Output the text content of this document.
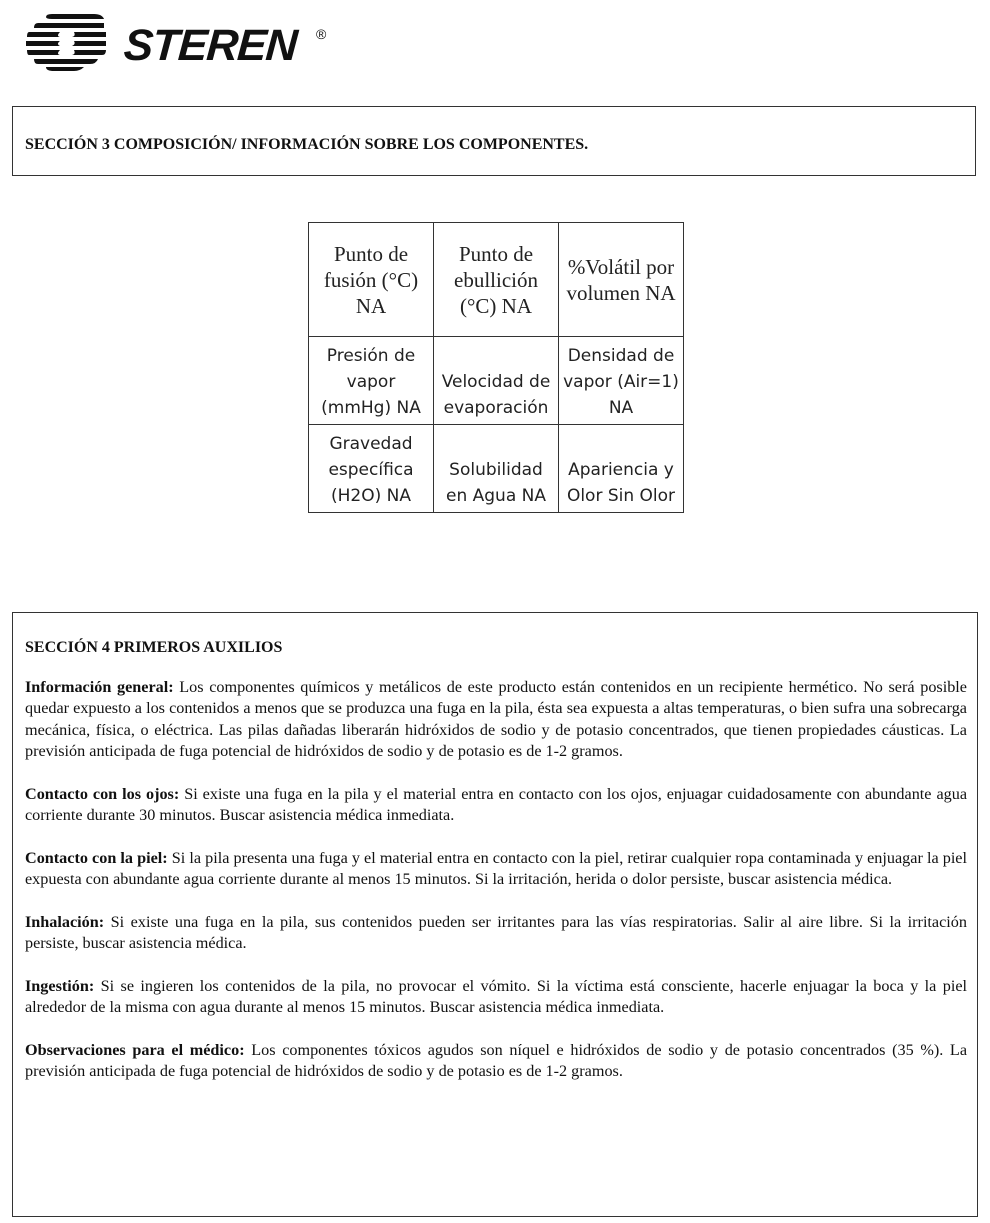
STEREN ®
SECCIÓN 3 COMPOSICIÓN/ INFORMACIÓN SOBRE LOS COMPONENTES.
Punto de fusión (°C) NA	Punto de ebullición (°C) NA	%Volátil por volumen NA
Presión de vapor (mmHg) NA	Velocidad de evaporación	Densidad de vapor (Air=1) NA
Gravedad específica (H2O) NA	Solubilidad en Agua NA	Apariencia y Olor Sin Olor
SECCIÓN 4 PRIMEROS AUXILIOS

Información general: Los componentes químicos y metálicos de este producto están contenidos en un recipiente hermético. No será posible quedar expuesto a los contenidos a menos que se produzca una fuga en la pila, ésta sea expuesta a altas temperaturas, o bien sufra una sobrecarga mecánica, física, o eléctrica. Las pilas dañadas liberarán hidróxidos de sodio y de potasio concentrados, que tienen propiedades cáusticas. La previsión anticipada de fuga potencial de hidróxidos de sodio y de potasio es de 1-2 gramos.

Contacto con los ojos: Si existe una fuga en la pila y el material entra en contacto con los ojos, enjuagar cuidadosamente con abundante agua corriente durante 30 minutos. Buscar asistencia médica inmediata.

Contacto con la piel: Si la pila presenta una fuga y el material entra en contacto con la piel, retirar cualquier ropa contaminada y enjuagar la piel expuesta con abundante agua corriente durante al menos 15 minutos. Si la irritación, herida o dolor persiste, buscar asistencia médica.

Inhalación: Si existe una fuga en la pila, sus contenidos pueden ser irritantes para las vías respiratorias. Salir al aire libre. Si la irritación persiste, buscar asistencia médica.

Ingestión: Si se ingieren los contenidos de la pila, no provocar el vómito. Si la víctima está consciente, hacerle enjuagar la boca y la piel alrededor de la misma con agua durante al menos 15 minutos. Buscar asistencia médica inmediata.

Observaciones para el médico: Los componentes tóxicos agudos son níquel e hidróxidos de sodio y de potasio concentrados (35 %). La previsión anticipada de fuga potencial de hidróxidos de sodio y de potasio es de 1-2 gramos.
